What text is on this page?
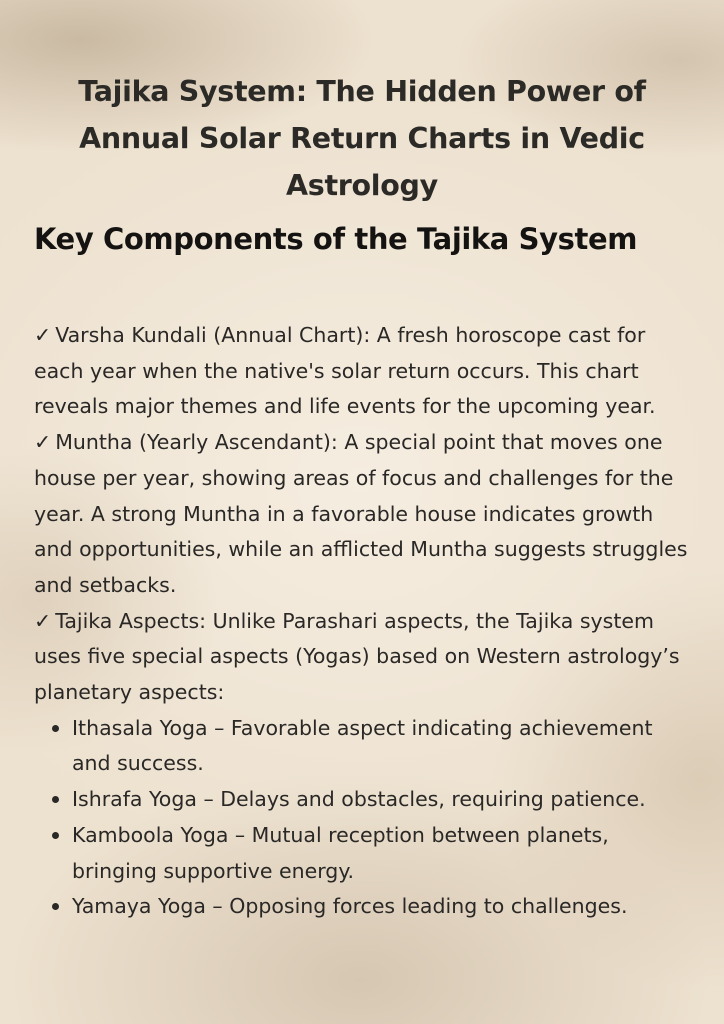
Tajika System: The Hidden Power of Annual Solar Return Charts in Vedic Astrology
Key Components of the Tajika System

✓ Varsha Kundali (Annual Chart): A fresh horoscope cast for each year when the native's solar return occurs. This chart reveals major themes and life events for the upcoming year.

✓ Muntha (Yearly Ascendant): A special point that moves one house per year, showing areas of focus and challenges for the year. A strong Muntha in a favorable house indicates growth and opportunities, while an afflicted Muntha suggests struggles and setbacks.

✓ Tajika Aspects: Unlike Parashari aspects, the Tajika system uses five special aspects (Yogas) based on Western astrology’s planetary aspects:

Ithasala Yoga – Favorable aspect indicating achievement and success.
Ishrafa Yoga – Delays and obstacles, requiring patience.
Kamboola Yoga – Mutual reception between planets, bringing supportive energy.
Yamaya Yoga – Opposing forces leading to challenges.
